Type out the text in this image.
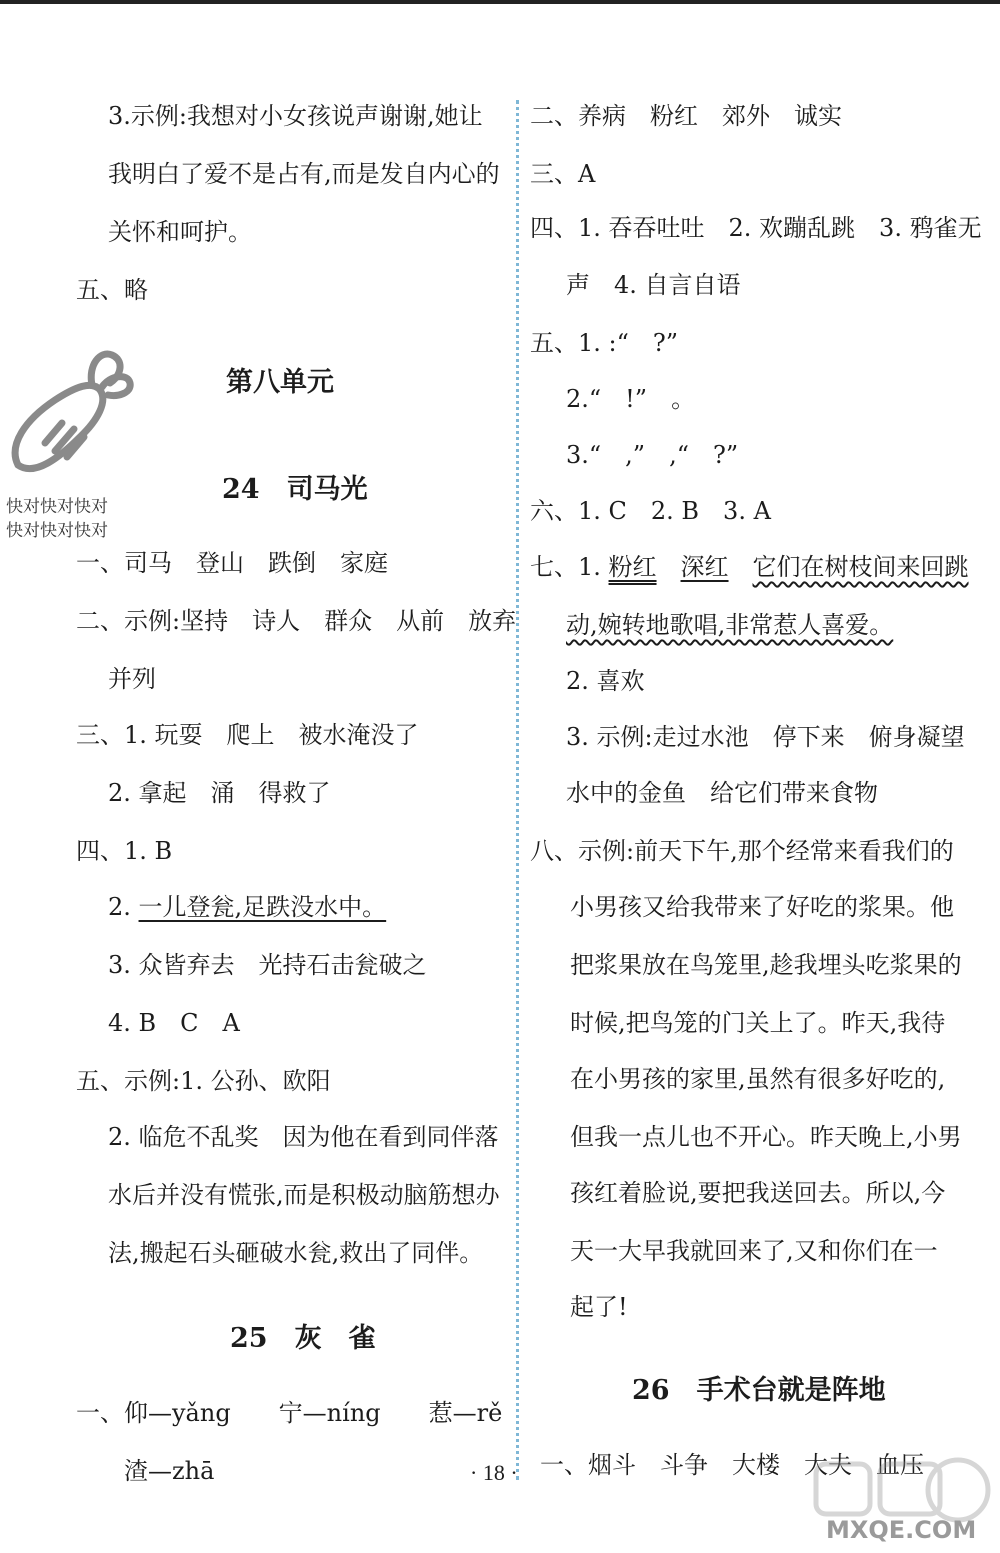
快对快对快对
快对快对快对
3.示例:我想对小女孩说声谢谢,她让
我明白了爱不是占有,而是发自内心的
关怀和呵护。
五、略
第八单元
24　司马光
一、司马　登山　跌倒　家庭
二、示例:坚持　诗人　群众　从前　放弃
并列
三、1. 玩耍　爬上　被水淹没了
2. 拿起　涌　得救了
四、1. B
2. 一儿登瓮,足跌没水中。
3. 众皆弃去　光持石击瓮破之
4. B　C　A
五、示例:1. 公孙、欧阳
2. 临危不乱奖　因为他在看到同伴落
水后并没有慌张,而是积极动脑筋想办
法,搬起石头砸破水瓮,救出了同伴。
25　灰　雀
一、仰—yǎng　　宁—níng　　惹—rě
渣—zhā
二、养病　粉红　郊外　诚实
三、A
四、1. 吞吞吐吐　2. 欢蹦乱跳　3. 鸦雀无
声　4. 自言自语
五、1. :“　?”
2.“　!”　。
3.“　,”　,“　?”
六、1. C　2. B　3. A
七、1. 粉红　 深红　 它们在树枝间来回跳
动,婉转地歌唱,非常惹人喜爱。
2. 喜欢
3. 示例:走过水池　停下来　俯身凝望
水中的金鱼　给它们带来食物
八、示例:前天下午,那个经常来看我们的
小男孩又给我带来了好吃的浆果。他
把浆果放在鸟笼里,趁我埋头吃浆果的
时候,把鸟笼的门关上了。昨天,我待
在小男孩的家里,虽然有很多好吃的,
但我一点儿也不开心。昨天晚上,小男
孩红着脸说,要把我送回去。所以,今
天一大早我就回来了,又和你们在一
起了!
26　手术台就是阵地
一、烟斗　斗争　大楼　大夫　血压
· 18 ·
MXQE.COM
